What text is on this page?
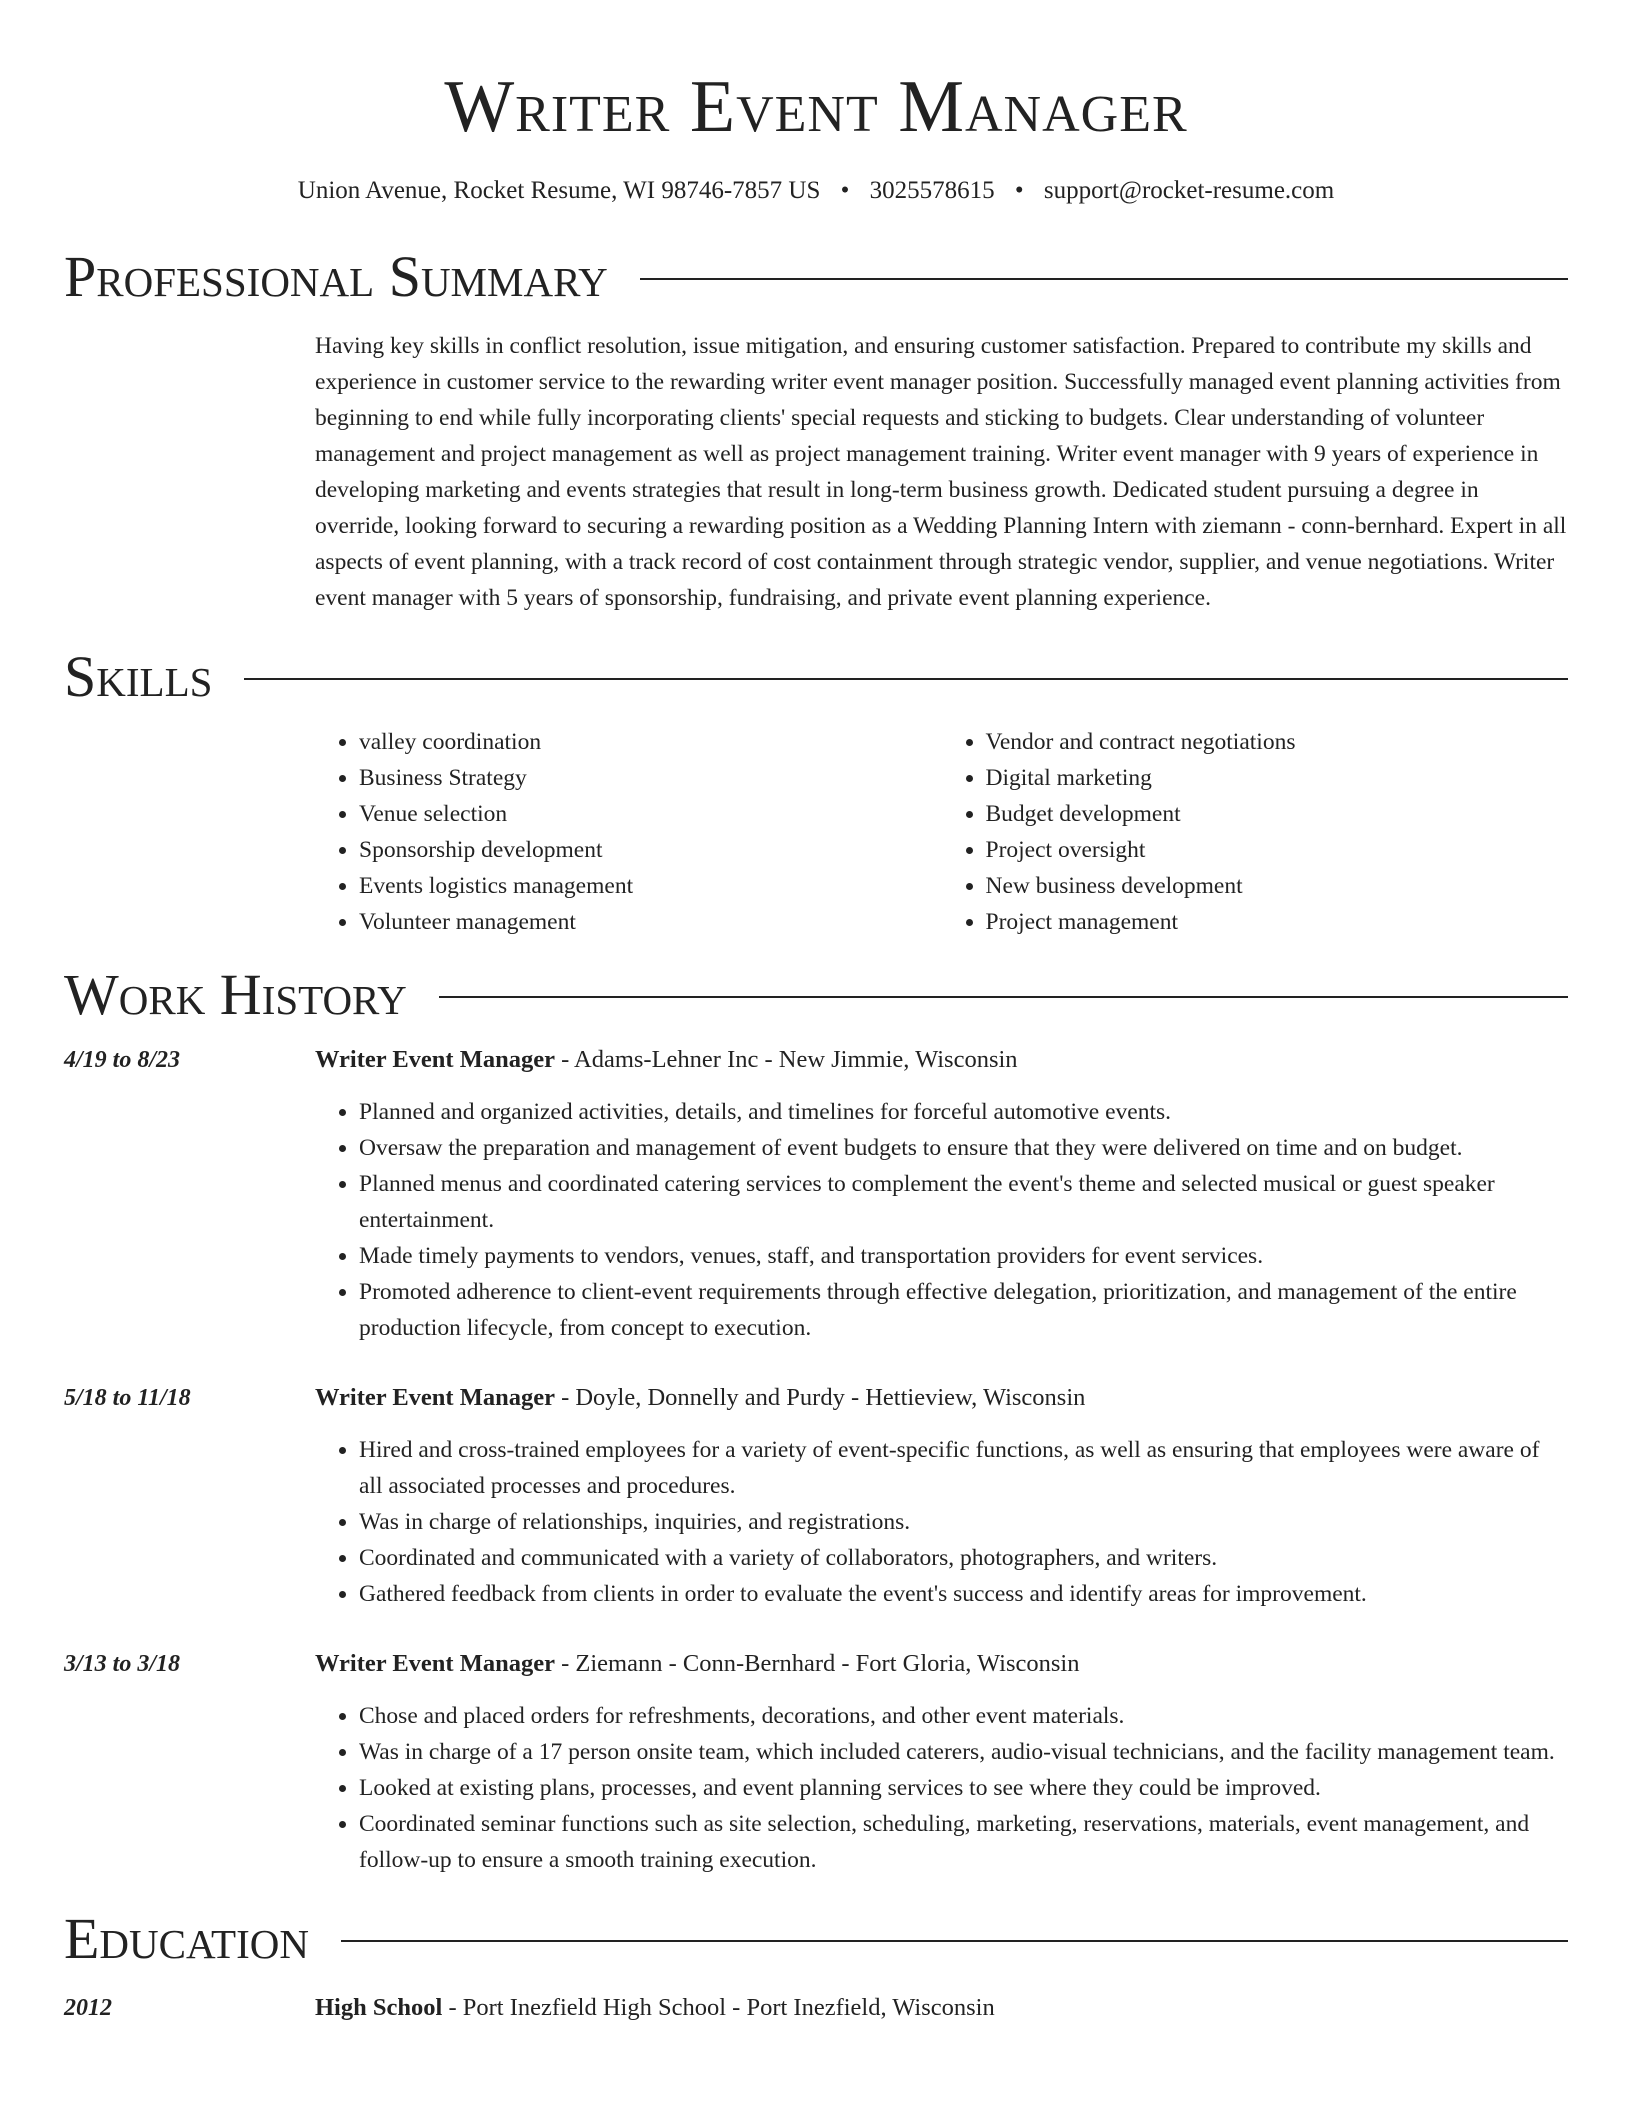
Writer Event Manager
Union Avenue, Rocket Resume, WI 98746-7857 US • 3025578615 • support@rocket-resume.com
Professional Summary

Having key skills in conflict resolution, issue mitigation, and ensuring customer satisfaction. Prepared to contribute my skills and experience in customer service to the rewarding writer event manager position. Successfully managed event planning activities from beginning to end while fully incorporating clients' special requests and sticking to budgets. Clear understanding of volunteer management and project management as well as project management training. Writer event manager with 9 years of experience in developing marketing and events strategies that result in long-term business growth. Dedicated student pursuing a degree in override, looking forward to securing a rewarding position as a Wedding Planning Intern with ziemann - conn-bernhard. Expert in all aspects of event planning, with a track record of cost containment through strategic vendor, supplier, and venue negotiations. Writer event manager with 5 years of sponsorship, fundraising, and private event planning experience.

Skills
• valley coordination
• Business Strategy
• Venue selection
• Sponsorship development
• Events logistics management
• Volunteer management
• Vendor and contract negotiations
• Digital marketing
• Budget development
• Project oversight
• New business development
• Project management
Work History
4/19 to 8/23	Writer Event Manager - Adams-Lehner Inc - New Jimmie, Wisconsin
• Planned and organized activities, details, and timelines for forceful automotive events.
• Oversaw the preparation and management of event budgets to ensure that they were delivered on time and on budget.
• Planned menus and coordinated catering services to complement the event's theme and selected musical or guest speaker entertainment.
• Made timely payments to vendors, venues, staff, and transportation providers for event services.
• Promoted adherence to client-event requirements through effective delegation, prioritization, and management of the entire production lifecycle, from concept to execution.
5/18 to 11/18	Writer Event Manager - Doyle, Donnelly and Purdy - Hettieview, Wisconsin
• Hired and cross-trained employees for a variety of event-specific functions, as well as ensuring that employees were aware of all associated processes and procedures.
• Was in charge of relationships, inquiries, and registrations.
• Coordinated and communicated with a variety of collaborators, photographers, and writers.
• Gathered feedback from clients in order to evaluate the event's success and identify areas for improvement.
3/13 to 3/18	Writer Event Manager - Ziemann - Conn-Bernhard - Fort Gloria, Wisconsin
• Chose and placed orders for refreshments, decorations, and other event materials.
• Was in charge of a 17 person onsite team, which included caterers, audio-visual technicians, and the facility management team.
• Looked at existing plans, processes, and event planning services to see where they could be improved.
• Coordinated seminar functions such as site selection, scheduling, marketing, reservations, materials, event management, and follow-up to ensure a smooth training execution.
Education
2012	High School - Port Inezfield High School - Port Inezfield, Wisconsin
